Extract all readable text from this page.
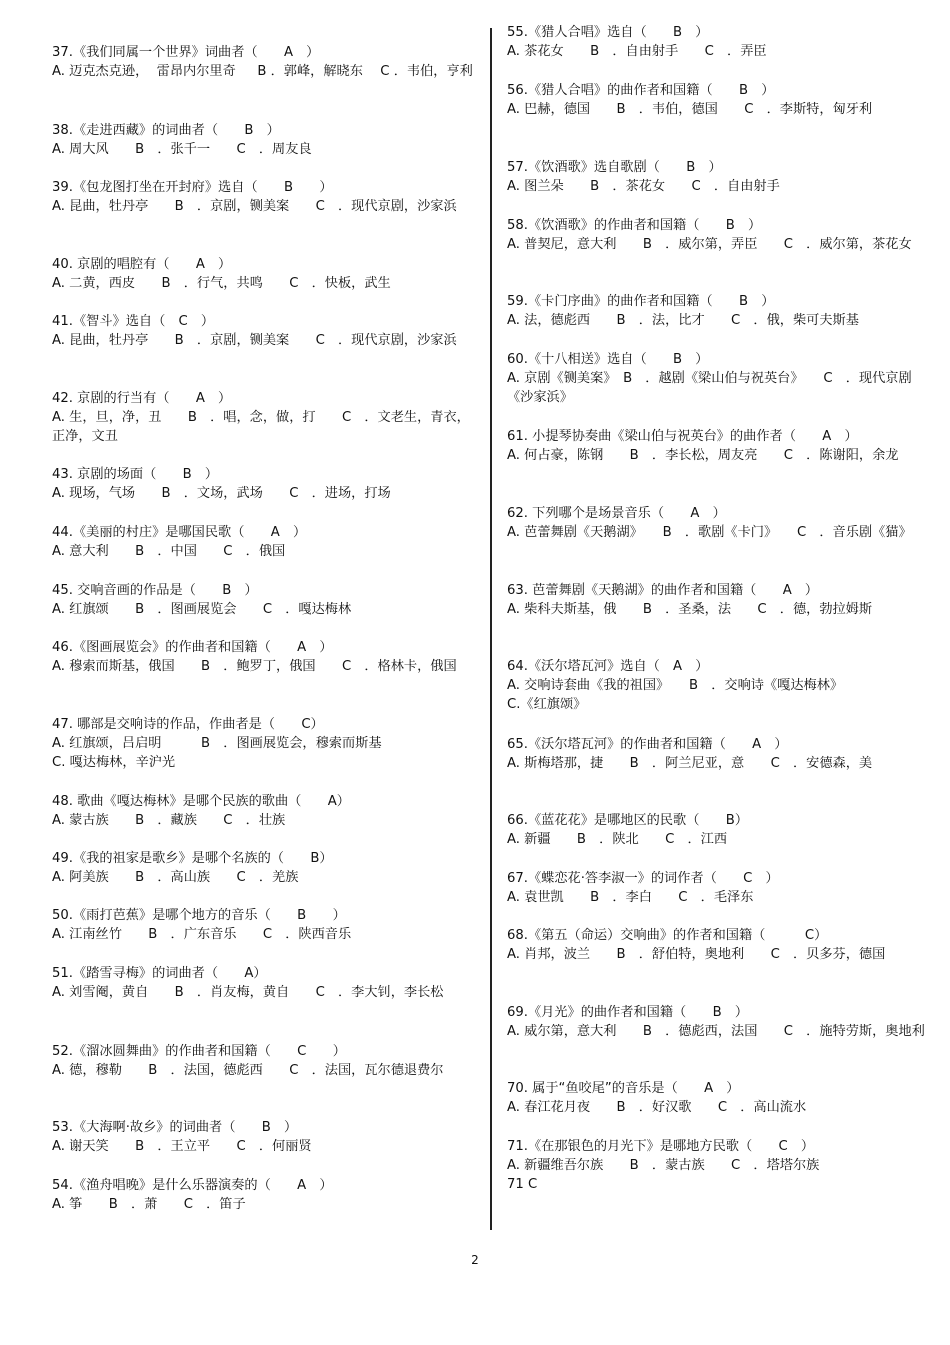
37.《我们同属一个世界》词曲者（　　A　）
A. 迈克杰克逊，  雷昂内尔里奇　  B ．郭峰，解晓东　 C ．韦伯，亨利
38.《走进西藏》的词曲者（　　B　）
A. 周大风　　B　．张千一　　C　．周友良
39.《包龙图打坐在开封府》选自（　　B　　）
A. 昆曲，牡丹亭　　B　．京剧，铡美案　　C　．现代京剧，沙家浜
40. 京剧的唱腔有（　　A　）
A. 二黄，西皮　　B　．行气，共鸣　　C　．快板，武生
41.《智斗》选自（　C　）
A. 昆曲，牡丹亭　　B　．京剧，铡美案　　C　．现代京剧，沙家浜
42. 京剧的行当有（　　A　）
A. 生，旦，净，丑　　B　．唱，念，做，打　　C　．文老生，青衣，正净，文丑
43. 京剧的场面（　　B　）
A. 现场，气场　　B　．文场，武场　　C　．进场，打场
44.《美丽的村庄》是哪国民歌（　　A　）
A. 意大利　　B　．中国　　C　．俄国
45. 交响音画的作品是（　　B　）
A. 红旗颂　　B　．图画展览会　　C　．嘎达梅林
46.《图画展览会》的作曲者和国籍（　　A　）
A. 穆索而斯基，俄国　　B　．鲍罗丁，俄国　　C　．格林卡，俄国
47. 哪部是交响诗的作品，作曲者是（　　C）
A. 红旗颂，吕启明　　　B　．图画展览会，穆索而斯基
C. 嘎达梅林，辛沪光
48. 歌曲《嘎达梅林》是哪个民族的歌曲（　　A）
A. 蒙古族　　B　．藏族　　C　．壮族
49.《我的祖家是歌乡》是哪个名族的（　　B）
A. 阿美族　　B　．高山族　　C　．羌族
50.《雨打芭蕉》是哪个地方的音乐（　　B　　）
A. 江南丝竹　　B　．广东音乐　　C　．陕西音乐
51.《踏雪寻梅》的词曲者（　　A）
A. 刘雪阉，黄自　　B　．肖友梅，黄自　　C　．李大钊，李长松
52.《溜冰圆舞曲》的作曲者和国籍（　　C　　）
A. 德，穆勒　　B　．法国，德彪西　　C　．法国，瓦尔德退费尔
53.《大海啊·故乡》的词曲者（　　B　）
A. 谢天笑　　B　．王立平　　C　．何丽贤
54.《渔舟唱晚》是什么乐器演奏的（　　A　）
A. 筝　　B　．萧　　C　．笛子
55.《猎人合唱》选自（　　B　）
A. 茶花女　　B　．自由射手　　C　．弄臣
56.《猎人合唱》的曲作者和国籍（　　B　）
A. 巴赫，德国　　B　．韦伯，德国　　C　．李斯特，匈牙利
57.《饮酒歌》选自歌剧（　　B　）
A. 图兰朵　　B　．茶花女　　C　．自由射手
58.《饮酒歌》的作曲者和国籍（　　B　）
A. 普契尼，意大利　　B　．威尔第，弄臣　　C　．威尔第，茶花女
59.《卡门序曲》的曲作者和国籍（　　B　）
A. 法，德彪西　　B　．法，比才　　C　．俄，柴可夫斯基
60.《十八相送》选自（　　B　）
A. 京剧《铡美案》　B　．越剧《梁山伯与祝英台》　　C　．现代京剧《沙家浜》
61. 小提琴协奏曲《梁山伯与祝英台》的曲作者（　　A　）
A. 何占豪，陈钢　　B　．李长松，周友亮　　C　．陈谢阳，余龙
62. 下列哪个是场景音乐（　　A　）
A. 芭蕾舞剧《天鹅湖》　　B　．歌剧《卡门》　　C　．音乐剧《猫》
63. 芭蕾舞剧《天鹅湖》的曲作者和国籍（　　A　）
A. 柴科夫斯基，俄　　B　．圣桑，法　　C　．德，勃拉姆斯
64.《沃尔塔瓦河》选自（　A　）
A. 交响诗套曲《我的祖国》　　B　．交响诗《嘎达梅林》
C.《红旗颂》
65.《沃尔塔瓦河》的作曲者和国籍（　　A　）
A. 斯梅塔那，捷　　B　．阿兰尼亚，意　　C　．安德森，美
66.《蓝花花》是哪地区的民歌（　　B）
A. 新疆　　B　．陕北　　C　．江西
67.《蝶恋花·答李淑一》的词作者（　　C　）
A. 袁世凯　　B　．李白　　C　．毛泽东
68.《第五（命运）交响曲》的作者和国籍（　　　C）
A. 肖邦，波兰　　B　．舒伯特，奥地利　　C　．贝多芬，德国
69.《月光》的曲作者和国籍（　　B　）
A. 威尔第，意大利　　B　．德彪西，法国　　C　．施特劳斯，奥地利
70. 属于“鱼咬尾”的音乐是（　　A　）
A. 春江花月夜　　B　．好汉歌　　C　．高山流水
71.《在那银色的月光下》是哪地方民歌（　　C　）
A. 新疆维吾尔族　　B　．蒙古族　　C　．塔塔尔族
71 C
2
